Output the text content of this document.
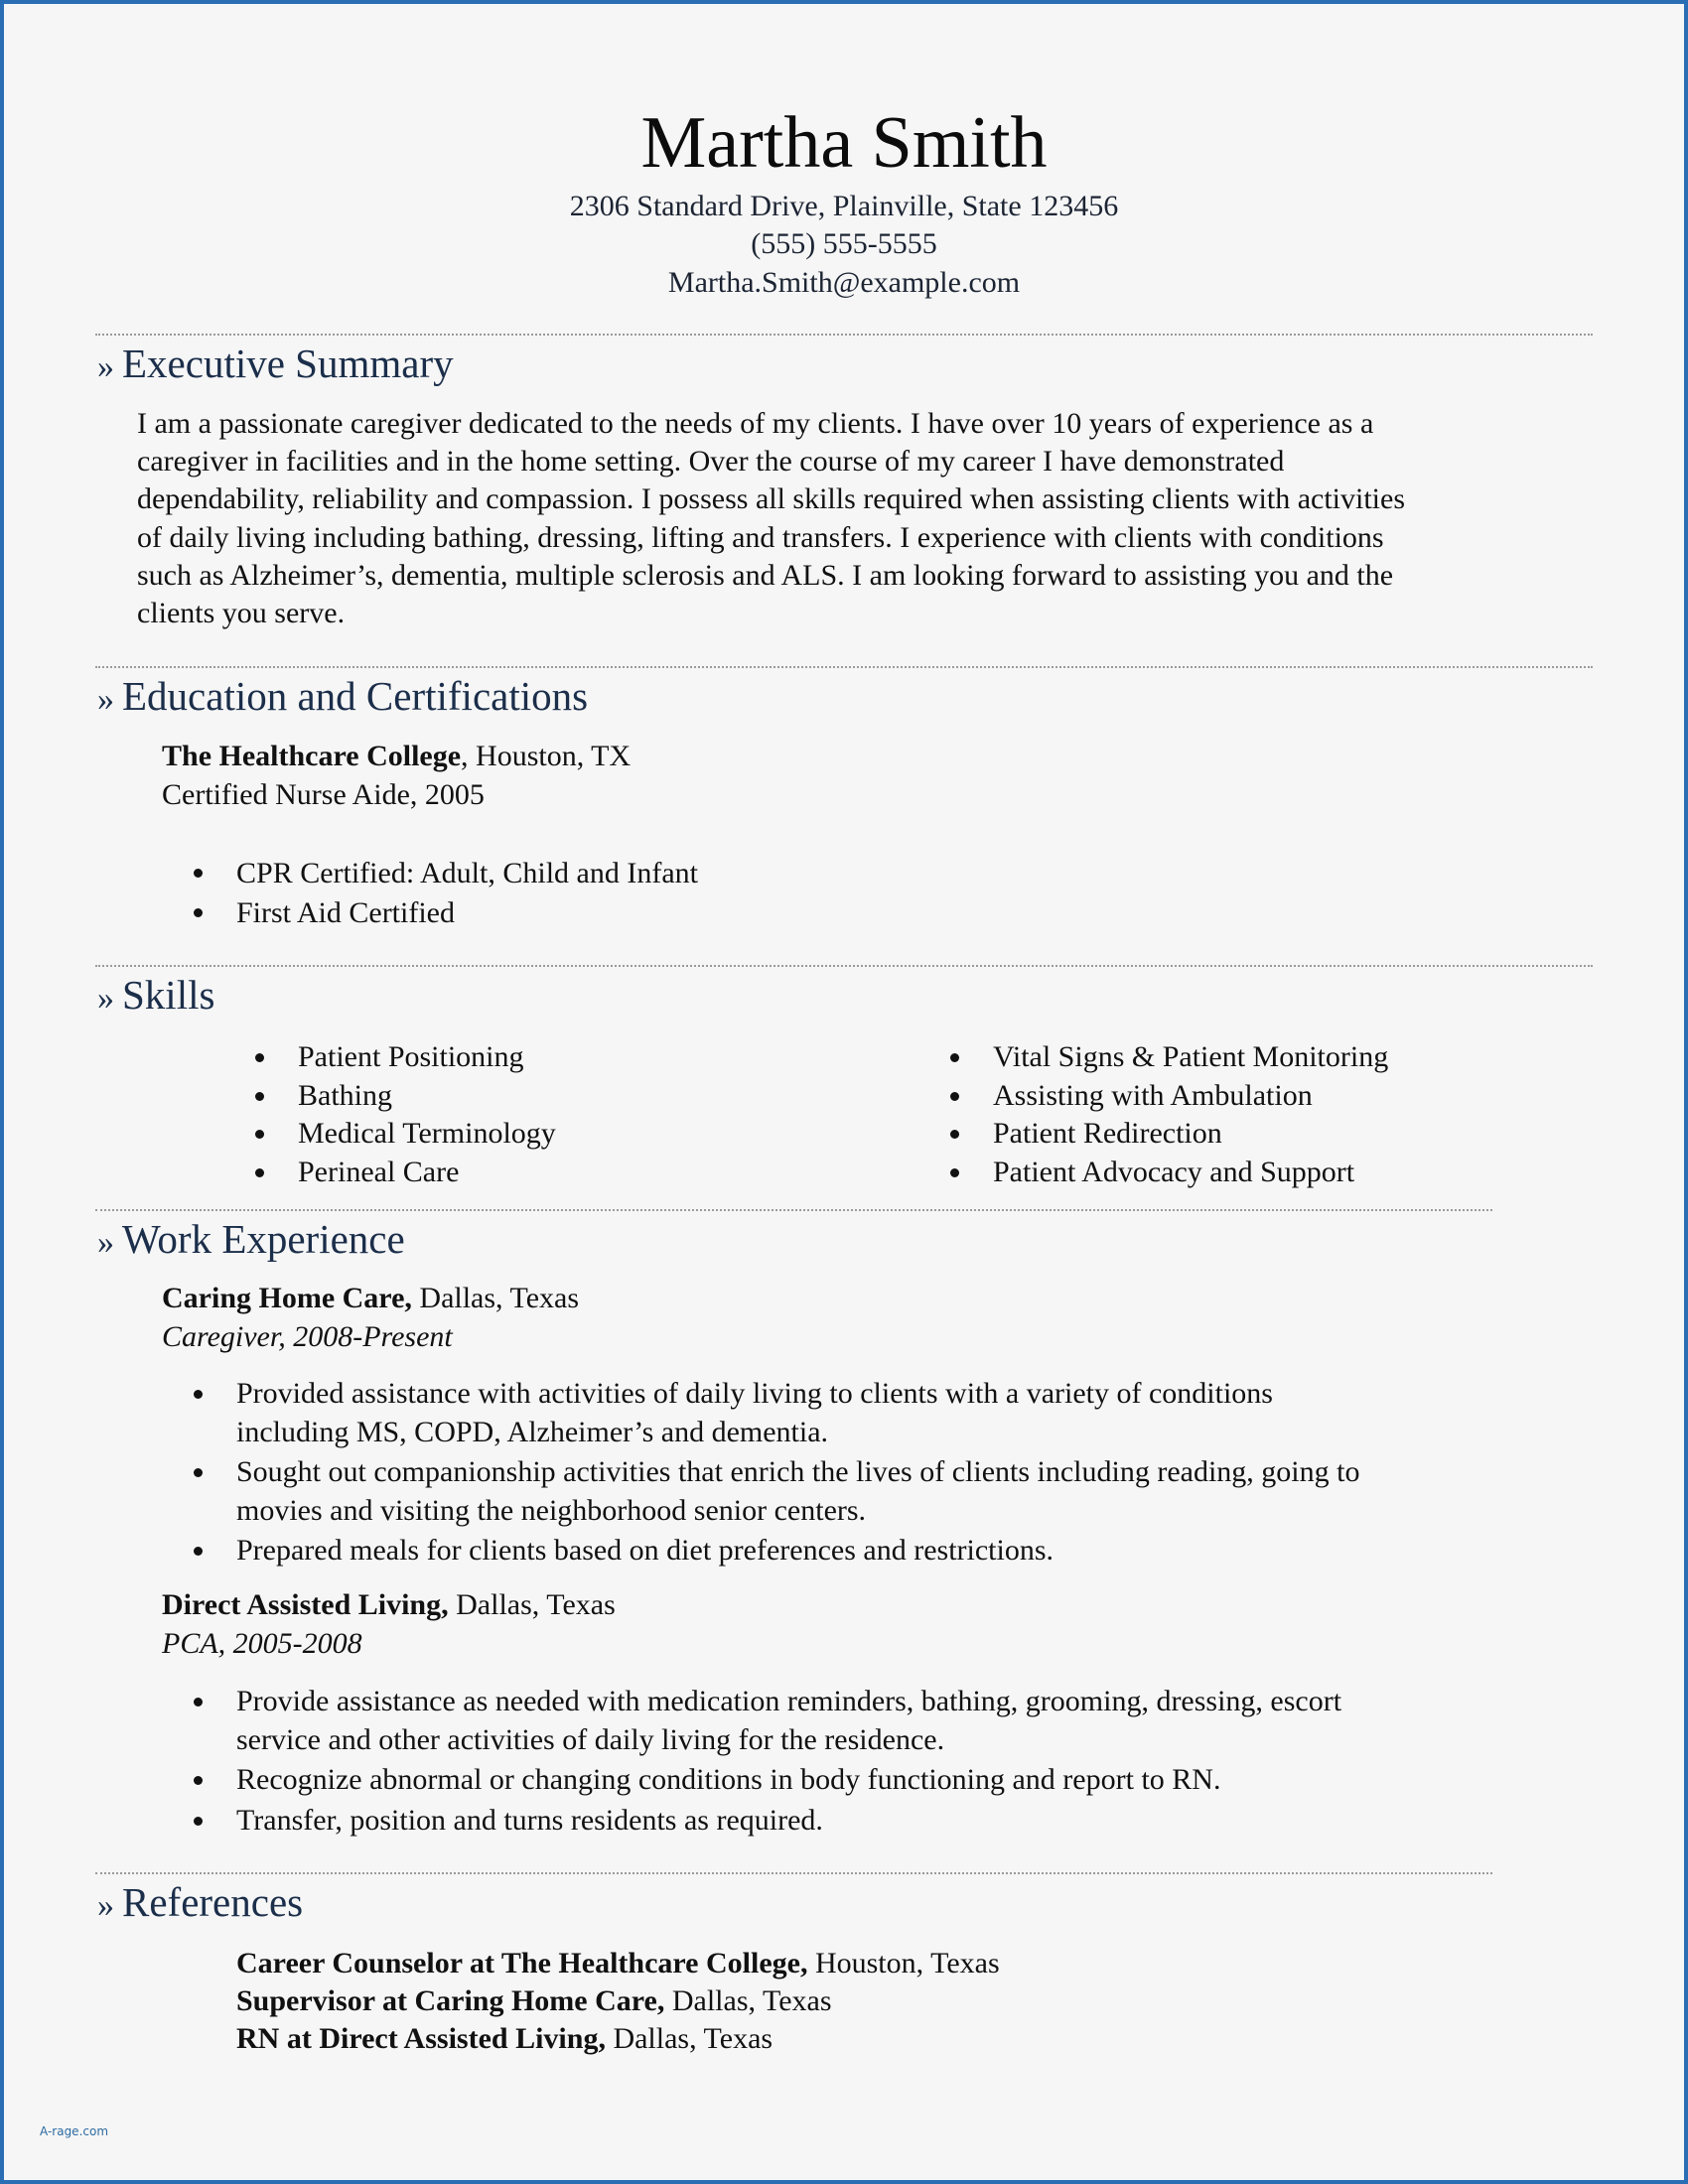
Martha Smith
2306 Standard Drive, Plainville, State 123456
(555) 555-5555
Martha.Smith@example.com
» Executive Summary
I am a passionate caregiver dedicated to the needs of my clients. I have over 10 years of experience as a
caregiver in facilities and in the home setting. Over the course of my career I have demonstrated
dependability, reliability and compassion. I possess all skills required when assisting clients with activities
of daily living including bathing, dressing, lifting and transfers. I experience with clients with conditions
such as Alzheimer’s, dementia, multiple sclerosis and ALS. I am looking forward to assisting you and the
clients you serve.
» Education and Certifications
The Healthcare College, Houston, TX
Certified Nurse Aide, 2005
CPR Certified: Adult, Child and Infant
First Aid Certified
» Skills
Patient Positioning
Bathing
Medical Terminology
Perineal Care
Vital Signs & Patient Monitoring
Assisting with Ambulation
Patient Redirection
Patient Advocacy and Support
» Work Experience
Caring Home Care, Dallas, Texas
Caregiver, 2008-Present
Provided assistance with activities of daily living to clients with a variety of conditions
including MS, COPD, Alzheimer’s and dementia.
Sought out companionship activities that enrich the lives of clients including reading, going to
movies and visiting the neighborhood senior centers.
Prepared meals for clients based on diet preferences and restrictions.
Direct Assisted Living, Dallas, Texas
PCA, 2005-2008
Provide assistance as needed with medication reminders, bathing, grooming, dressing, escort
service and other activities of daily living for the residence.
Recognize abnormal or changing conditions in body functioning and report to RN.
Transfer, position and turns residents as required.
» References
Career Counselor at The Healthcare College, Houston, Texas
Supervisor at Caring Home Care, Dallas, Texas
RN at Direct Assisted Living, Dallas, Texas
A-rage.com
